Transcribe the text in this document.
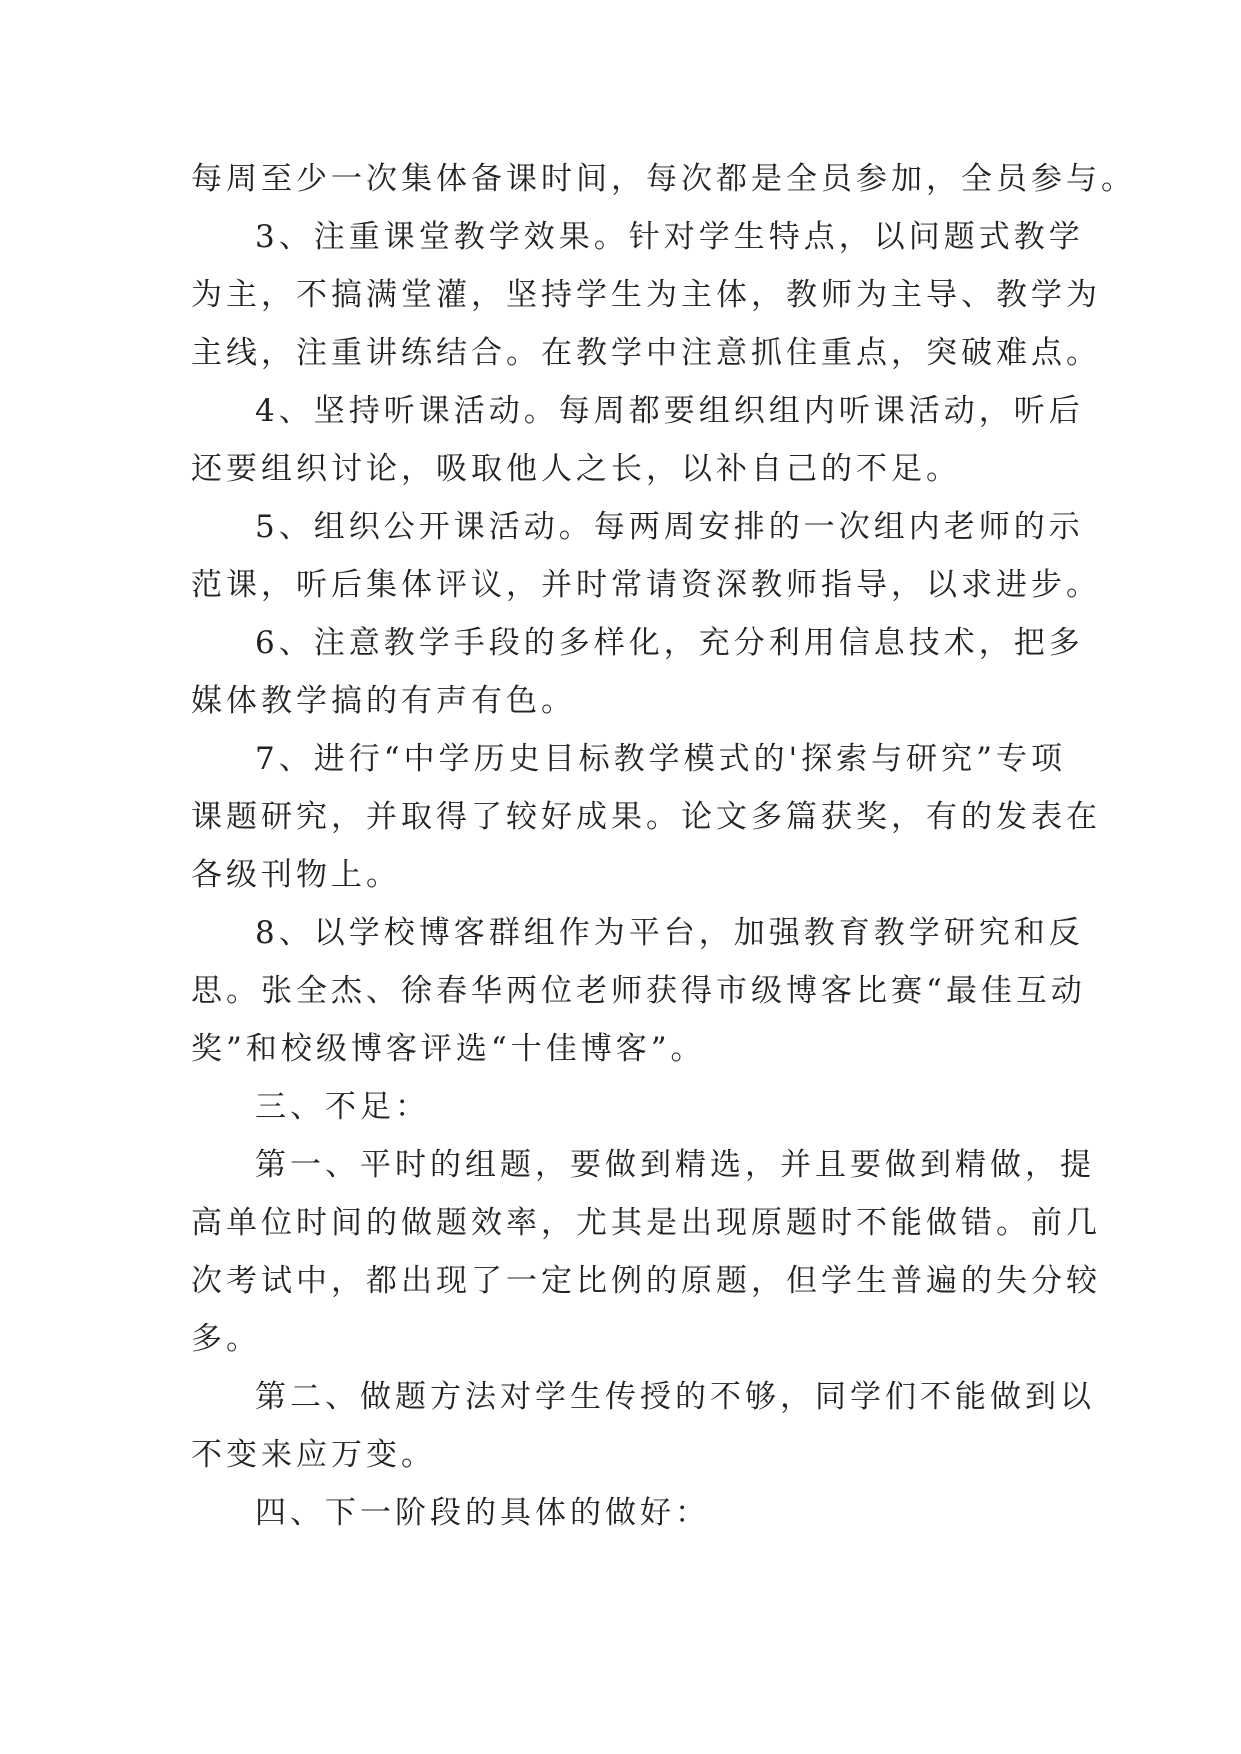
每周至少一次集体备课时间，每次都是全员参加，全员参与。
3、注重课堂教学效果。针对学生特点，以问题式教学
为主，不搞满堂灌，坚持学生为主体，教师为主导、教学为
主线，注重讲练结合。在教学中注意抓住重点，突破难点。
4、坚持听课活动。每周都要组织组内听课活动，听后
还要组织讨论，吸取他人之长，以补自己的不足。
5、组织公开课活动。每两周安排的一次组内老师的示
范课，听后集体评议，并时常请资深教师指导，以求进步。
6、注意教学手段的多样化，充分利用信息技术，把多
媒体教学搞的有声有色。
7、进行“中学历史目标教学模式的'探索与研究”专项
课题研究，并取得了较好成果。论文多篇获奖，有的发表在
各级刊物上。
8、以学校博客群组作为平台，加强教育教学研究和反
思。张全杰、徐春华两位老师获得市级博客比赛“最佳互动
奖”和校级博客评选“十佳博客”。
三、不足：
第一、平时的组题，要做到精选，并且要做到精做，提
高单位时间的做题效率，尤其是出现原题时不能做错。前几
次考试中，都出现了一定比例的原题，但学生普遍的失分较
多。
第二、做题方法对学生传授的不够，同学们不能做到以
不变来应万变。
四、下一阶段的具体的做好：
